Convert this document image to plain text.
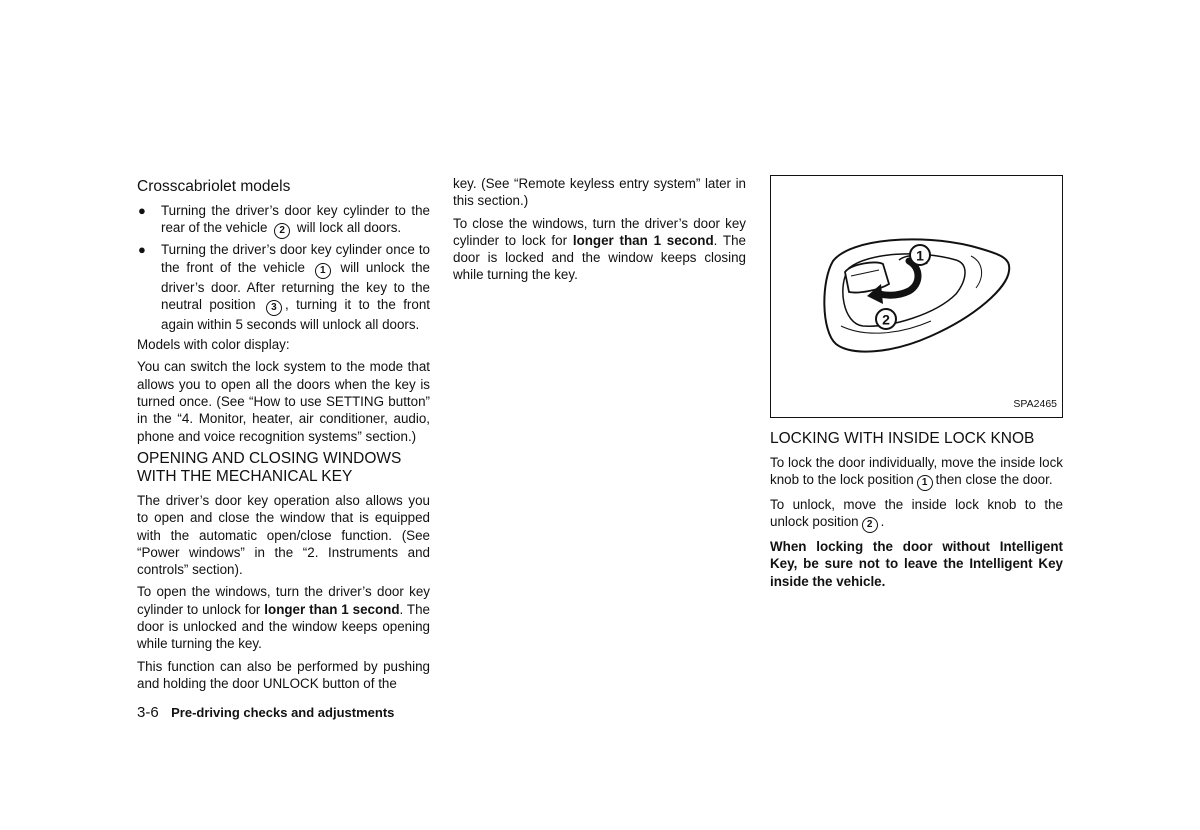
Crosscabriolet models
● Turning the driver’s door key cylinder to the rear of the vehicle 2 will lock all doors.
● Turning the driver’s door key cylinder once to the front of the vehicle 1 will unlock the driver’s door. After returning the key to the neutral position 3 , turning it to the front again within 5 seconds will unlock all doors.

Models with color display:

You can switch the lock system to the mode that allows you to open all the doors when the key is turned once. (See “How to use SETTING button” in the “4. Monitor, heater, air conditioner, audio, phone and voice recognition systems” section.)

OPENING AND CLOSING WINDOWS WITH THE MECHANICAL KEY

The driver’s door key operation also allows you to open and close the window that is equipped with the automatic open/close function. (See “Power windows” in the “2. Instruments and controls” section).

To open the windows, turn the driver’s door key cylinder to unlock for longer than 1 second. The door is unlocked and the window keeps opening while turning the key.

This function can also be performed by pushing and holding the door UNLOCK button of the

key. (See “Remote keyless entry system” later in this section.)

To close the windows, turn the driver’s door key cylinder to lock for longer than 1 second. The door is locked and the window keeps closing while turning the key.

1
2
SPA2465
LOCKING WITH INSIDE LOCK KNOB

To lock the door individually, move the inside lock knob to the lock position 1 then close the door.

To unlock, move the inside lock knob to the unlock position 2 .

When locking the door without Intelligent Key, be sure not to leave the Intelligent Key inside the vehicle.

3-6 Pre-driving checks and adjustments
